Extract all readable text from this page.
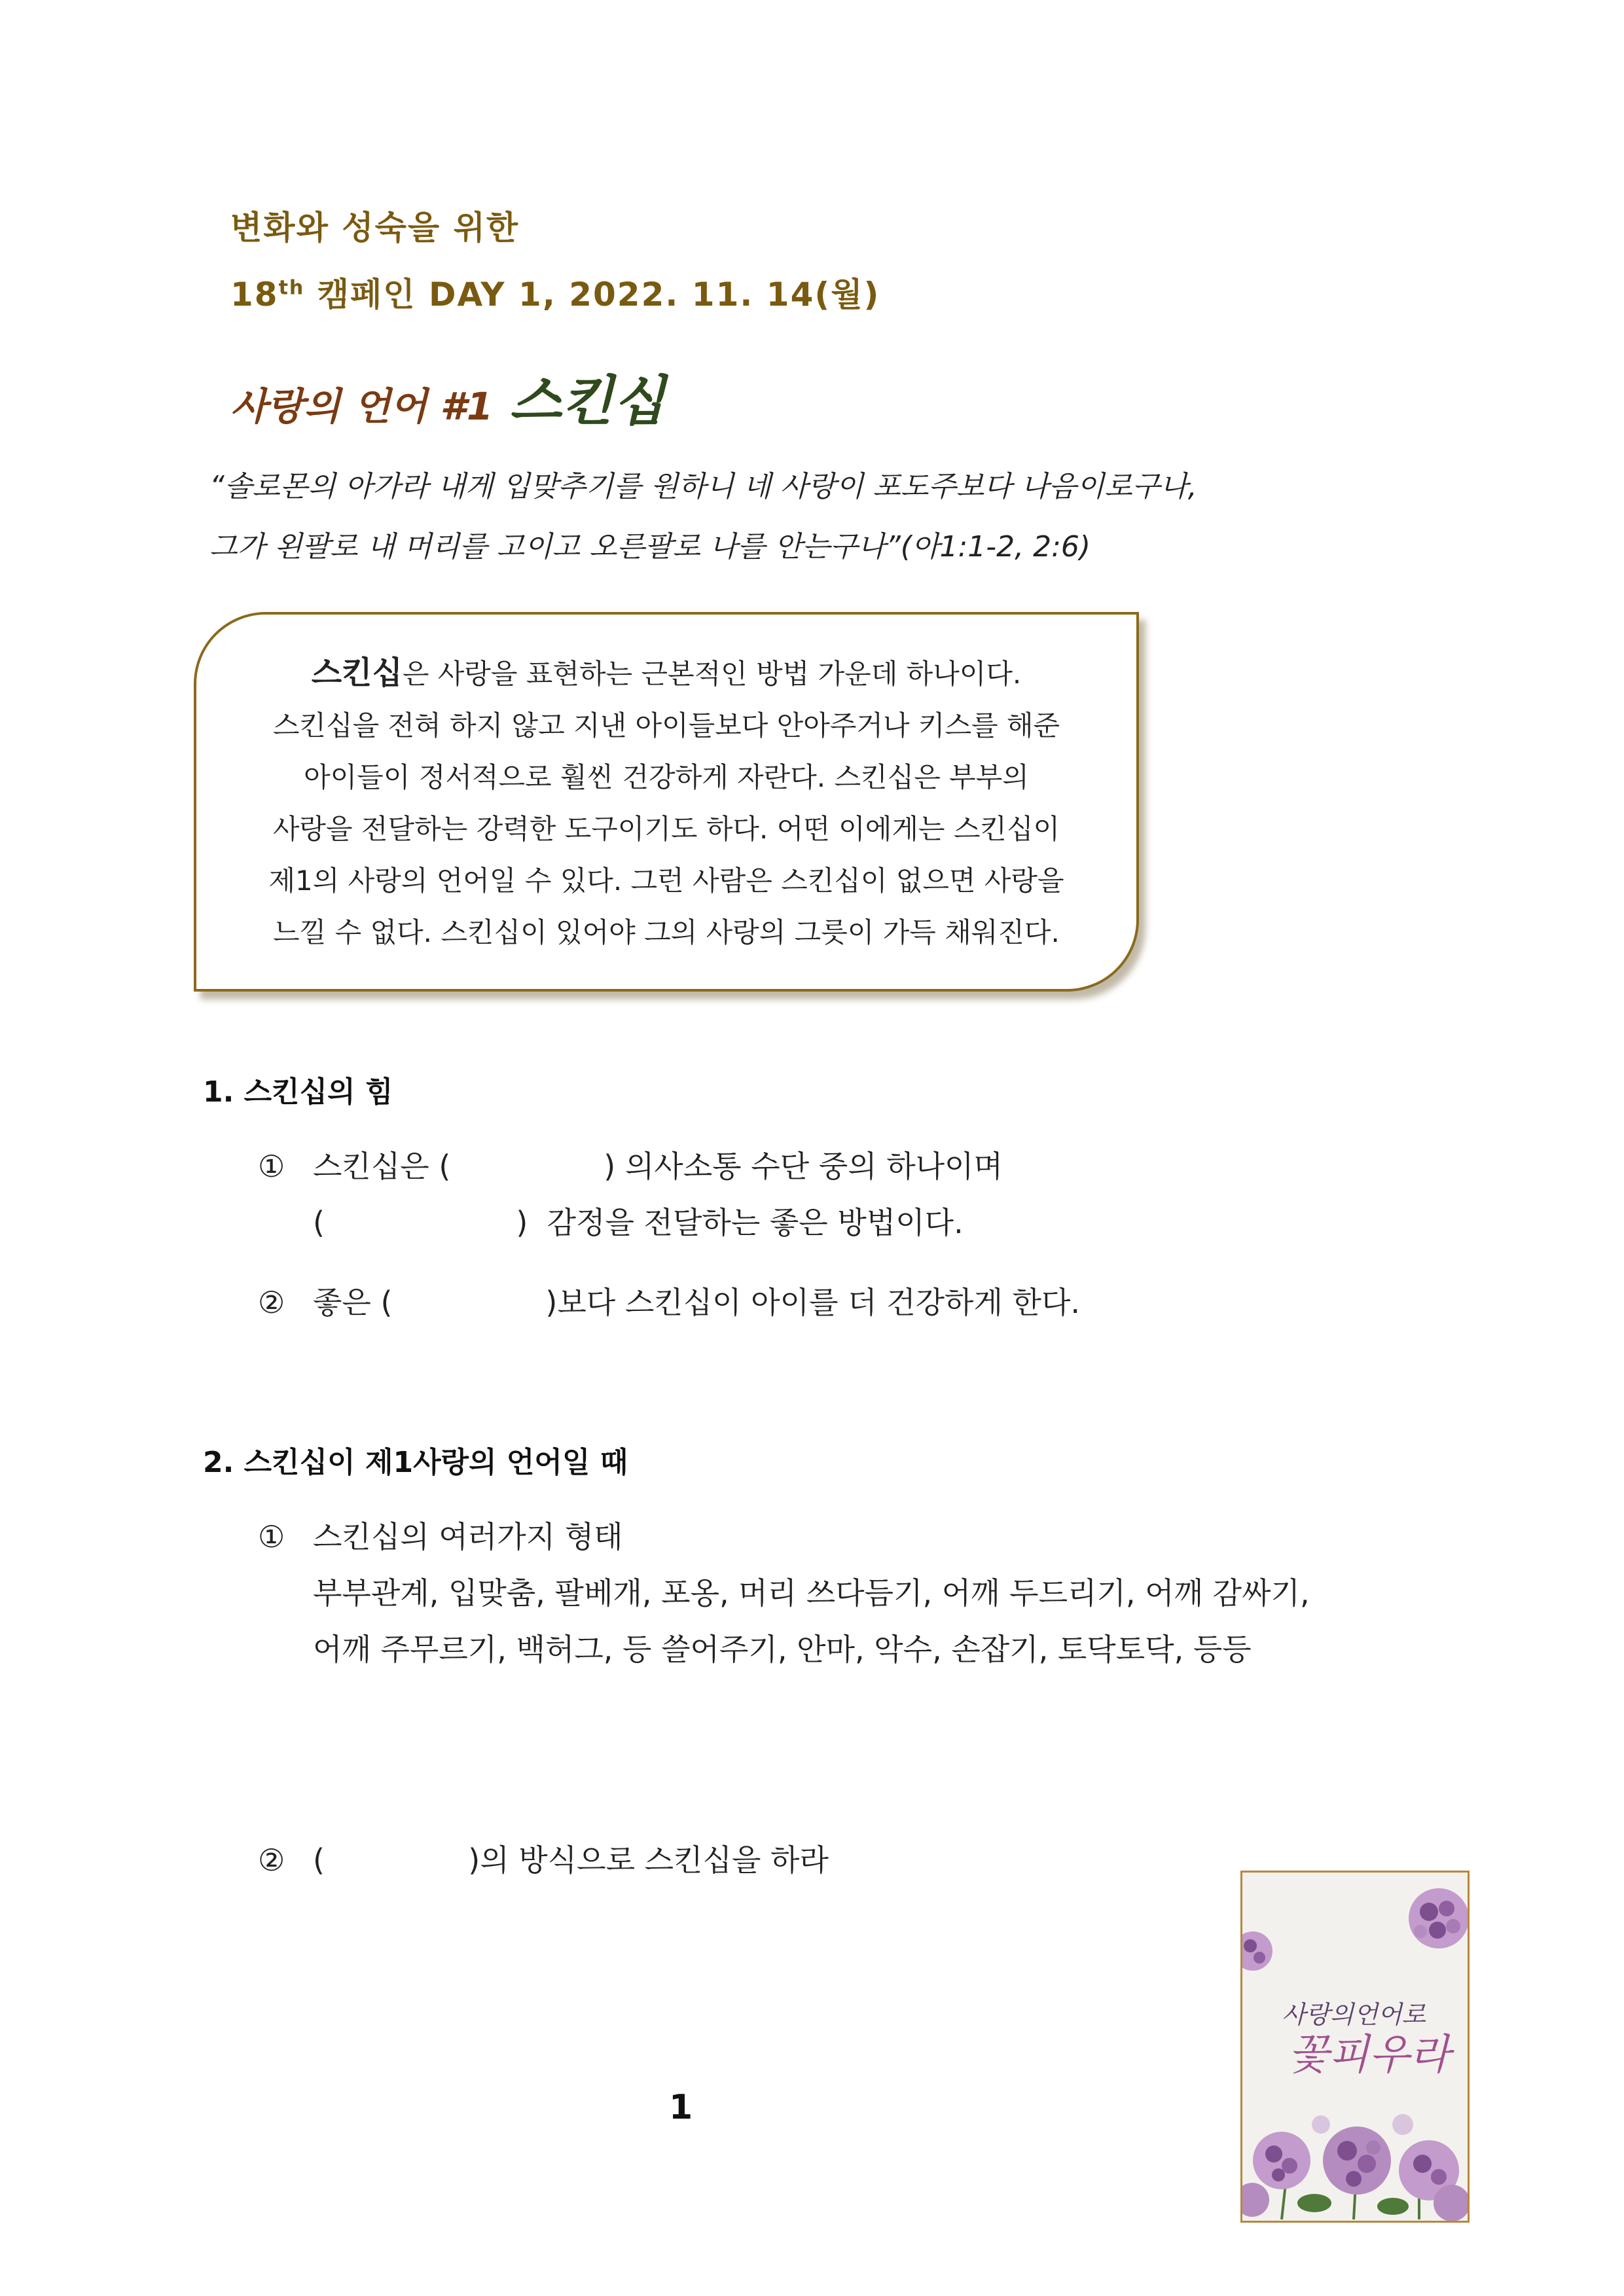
변화와 성숙을 위한
18th 캠페인 DAY 1, 2022. 11. 14(월)
사랑의 언어 #1 스킨십
“솔로몬의 아가라 내게 입맞추기를 원하니 네 사랑이 포도주보다 나음이로구나,
그가 왼팔로 내 머리를 고이고 오른팔로 나를 안는구나”(아1:1-2, 2:6)
스킨십은 사랑을 표현하는 근본적인 방법 가운데 하나이다.
스킨십을 전혀 하지 않고 지낸 아이들보다 안아주거나 키스를 해준
아이들이 정서적으로 훨씬 건강하게 자란다. 스킨십은 부부의
사랑을 전달하는 강력한 도구이기도 하다. 어떤 이에게는 스킨십이
제1의 사랑의 언어일 수 있다. 그런 사람은 스킨십이 없으면 사랑을
느낄 수 없다. 스킨십이 있어야 그의 사랑의 그릇이 가득 채워진다.
1. 스킨십의 힘
① 스킨십은 (                ) 의사소통 수단 중의 하나이며
(                    )  감정을 전달하는 좋은 방법이다.
② 좋은 (                )보다 스킨십이 아이를 더 건강하게 한다.
2. 스킨십이 제1사랑의 언어일 때
① 스킨십의 여러가지 형태
부부관계, 입맞춤, 팔베개, 포옹, 머리 쓰다듬기, 어깨 두드리기, 어깨 감싸기,
어깨 주무르기, 백허그, 등 쓸어주기, 안마, 악수, 손잡기, 토닥토닥, 등등
② (               )의 방식으로 스킨십을 하라
1
사랑의언어로
꽃피우라
